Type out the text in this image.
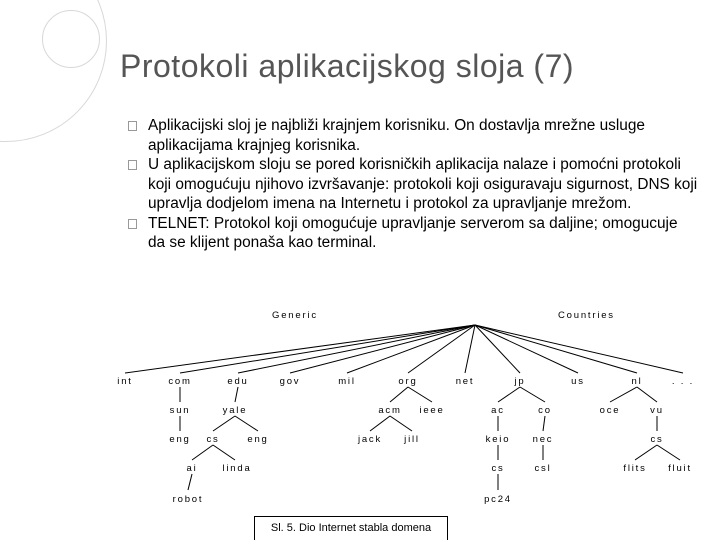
Protokoli aplikacijskog sloja (7)
Aplikacijski sloj je najbliži krajnjem korisniku. On dostavlja mrežne usluge aplikacijama krajnjeg korisnika.
U aplikacijskom sloju se pored korisničkih aplikacija nalaze i pomoćni protokoli koji omogućuju njihovo izvršavanje: protokoli koji osiguravaju sigurnost, DNS koji upravlja dodjelom imena na Internetu i protokol za upravljanje mrežom.
TELNET: Protokol koji omogućuje upravljanje serverom sa daljine; omogucuje da se klijent ponaša kao terminal.
Generic	Countries
int	com	edu	gov	mil	org	net	jp	us	nl	. . .
sun	yale	acm ieee	ac	co	oce	vu
eng cs	eng	jack jill	keio nec	cs
ai	linda	cs	csl	flits fluit
robot	pc24
Sl. 5. Dio Internet stabla domena
